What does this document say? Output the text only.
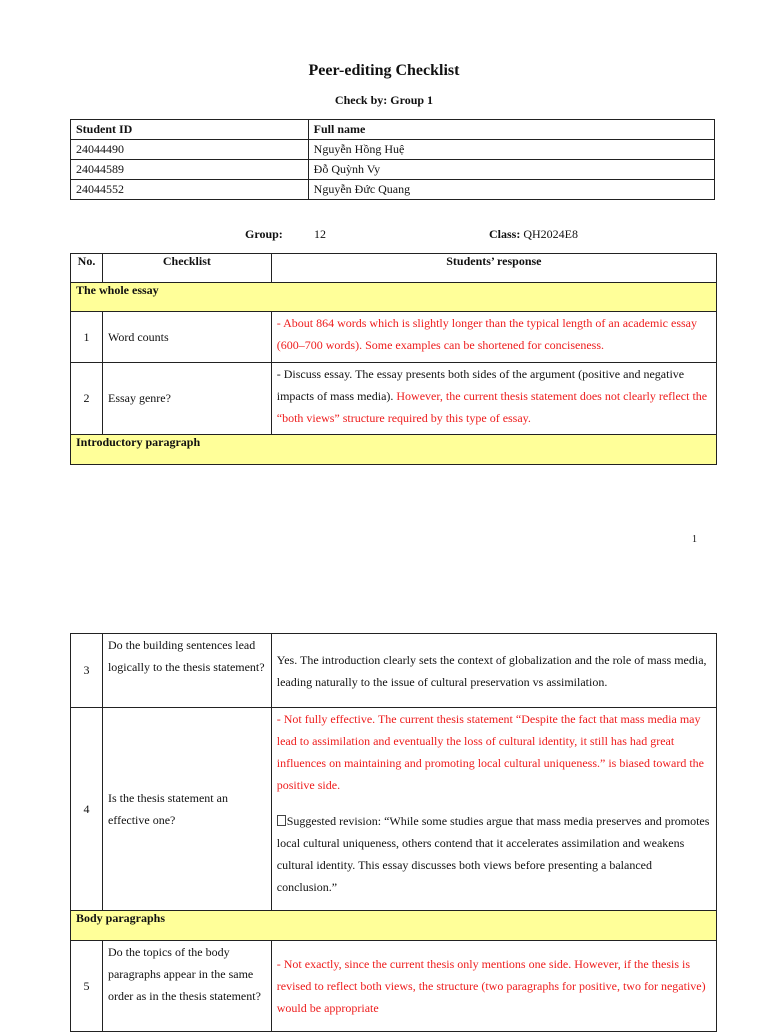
Peer-editing Checklist
Check by: Group 1
Student ID	Full name
24044490	Nguyễn Hồng Huệ
24044589	Đỗ Quỳnh Vy
24044552	Nguyễn Đức Quang
Group:	12	Class: QH2024E8
No.	Checklist	Students’ response
The whole essay		
1	Word counts	- About 864 words which is slightly longer than the typical length of an academic essay (600–700 words). Some examples can be shortened for conciseness.
2	Essay genre?	- Discuss essay. The essay presents both sides of the argument (positive and negative impacts of mass media). However, the current thesis statement does not clearly reflect the “both views” structure required by this type of essay.
Introductory paragraph		
1
3	Do the building sentences lead logically to the thesis statement?	Yes. The introduction clearly sets the context of globalization and the role of mass media, leading naturally to the issue of cultural preservation vs assimilation.
4	Is the thesis statement an effective one?	- Not fully effective. The current thesis statement “Despite the fact that mass media may lead to assimilation and eventually the loss of cultural identity, it still has had great influences on maintaining and promoting local cultural uniqueness.” is biased toward the positive side.
Suggested revision: “While some studies argue that mass media preserves and promotes local cultural uniqueness, others contend that it accelerates assimilation and weakens cultural identity. This essay discusses both views before presenting a balanced conclusion.”

Body paragraphs		
5	Do the topics of the body paragraphs appear in the same order as in the thesis statement?	- Not exactly, since the current thesis only mentions one side. However, if the thesis is revised to reflect both views, the structure (two paragraphs for positive, two for negative) would be appropriate
